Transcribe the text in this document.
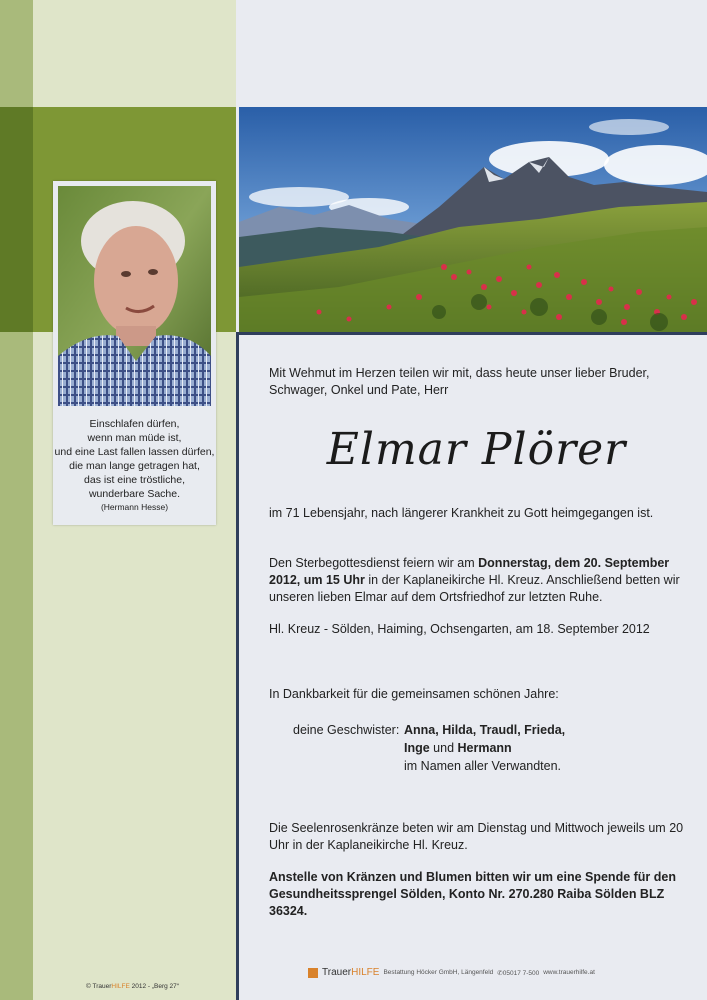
Einschlafen dürfen,
wenn man müde ist,
und eine Last fallen lassen dürfen,
die man lange getragen hat,
das ist eine tröstliche,
wunderbare Sache.
(Hermann Hesse)
Mit Wehmut im Herzen teilen wir mit, dass heute unser lieber Bruder, Schwager, Onkel und Pate, Herr
Elmar Plörer
im 71 Lebensjahr, nach längerer Krankheit zu Gott heimgegangen ist.
Den Sterbegottesdienst feiern wir am Donnerstag, dem 20. September 2012, um 15 Uhr in der Kaplaneikirche Hl. Kreuz. Anschließend betten wir unseren lieben Elmar auf dem Ortsfriedhof zur letzten Ruhe.
Hl. Kreuz - Sölden, Haiming, Ochsengarten, am 18. September 2012
In Dankbarkeit für die gemeinsamen schönen Jahre:
deine Geschwister: Anna, Hilda, Traudl, Frieda,
Inge und Hermann
im Namen aller Verwandten.
Die Seelenrosenkränze beten wir am Dienstag und Mittwoch jeweils um 20 Uhr in der Kaplaneikirche Hl. Kreuz.
Anstelle von Kränzen und Blumen bitten wir um eine Spende für den Gesundheitssprengel Sölden, Konto Nr. 270.280 Raiba Sölden BLZ 36324.
© TrauerHILFE 2012 - „Berg 27“
TrauerHILFE Bestattung Höcker GmbH, Längenfeld ✆05017 7-500 www.trauerhilfe.at
